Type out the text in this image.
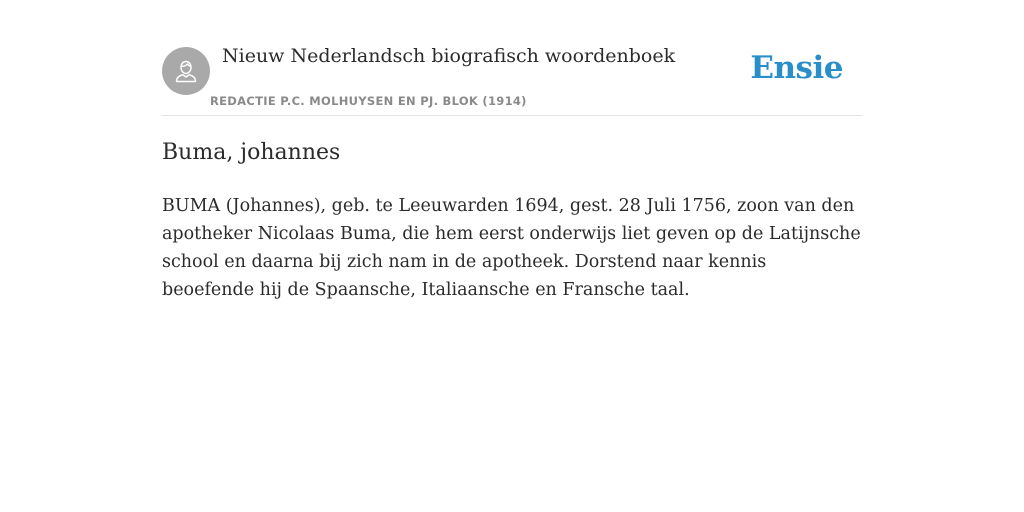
Nieuw Nederlandsch biografisch woordenboek
REDACTIE P.C. MOLHUYSEN EN PJ. BLOK (1914)
Ensie
Buma, johannes

BUMA (Johannes), geb. te Leeuwarden 1694, gest. 28 Juli 1756, zoon van den apotheker Nicolaas Buma, die hem eerst onderwijs liet geven op de Latijnsche school en daarna bij zich nam in de apotheek. Dorstend naar kennis beoefende hij de Spaansche, Italiaansche en Fransche taal.
